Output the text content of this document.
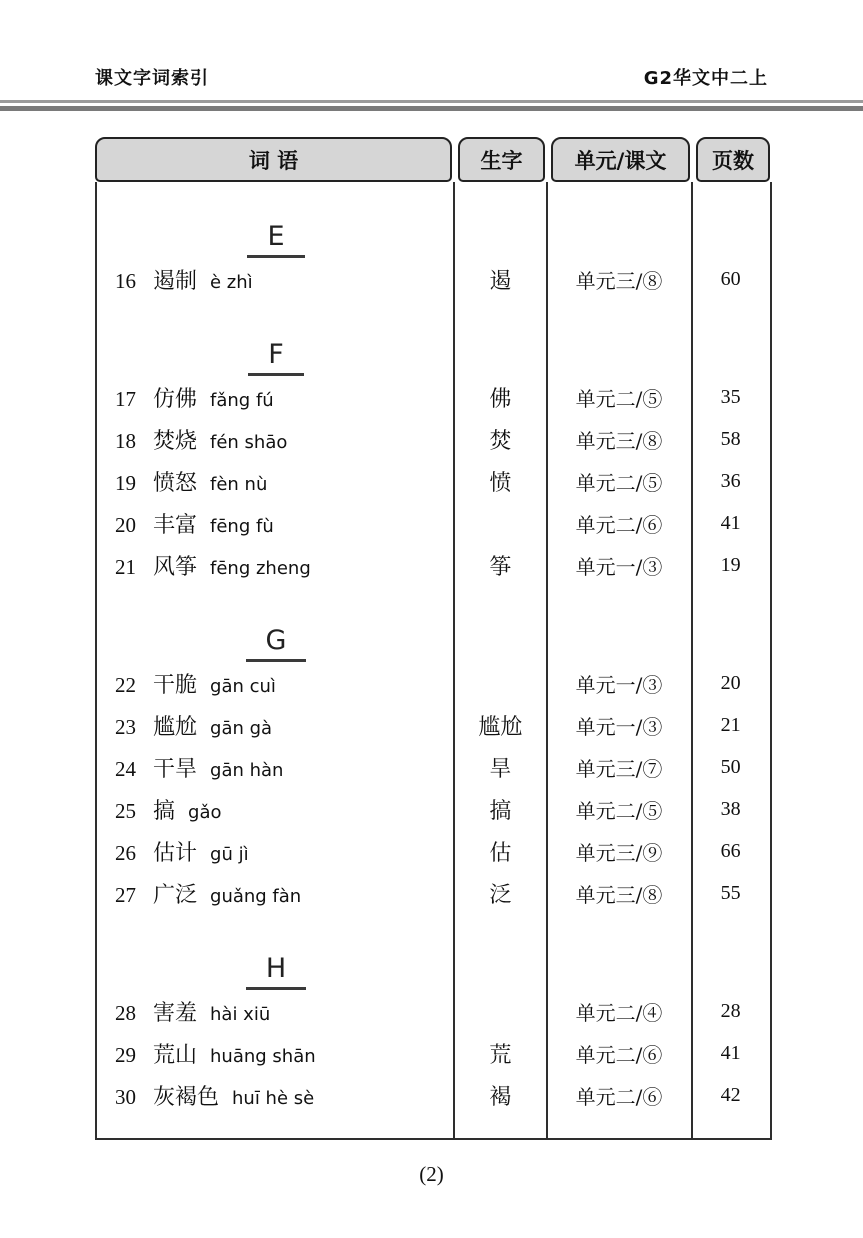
课文字词索引	G2华文中二上
词 语	生字	单元/课文	页数
E
16 遏制 è zhì	遏	单元三/⑧	60
F
17 仿佛 fǎng fú	佛	单元二/⑤	35
18 焚烧 fén shāo	焚	单元三/⑧	58
19 愤怒 fèn nù	愤	单元二/⑤	36
20 丰富 fēng fù	单元二/⑥	41
21 风筝 fēng zheng	筝	单元一/③	19
G
22 干脆 gān cuì	单元一/③	20
23 尴尬 gān gà	尴尬	单元一/③	21
24 干旱 gān hàn	旱	单元三/⑦	50
25 搞 gǎo	搞	单元二/⑤	38
26 估计 gū jì	估	单元三/⑨	66
27 广泛 guǎng fàn	泛	单元三/⑧	55
H
28 害羞 hài xiū	单元二/④	28
29 荒山 huāng shān	荒	单元二/⑥	41
30 灰褐色 huī hè sè	褐	单元二/⑥	42
(2)
